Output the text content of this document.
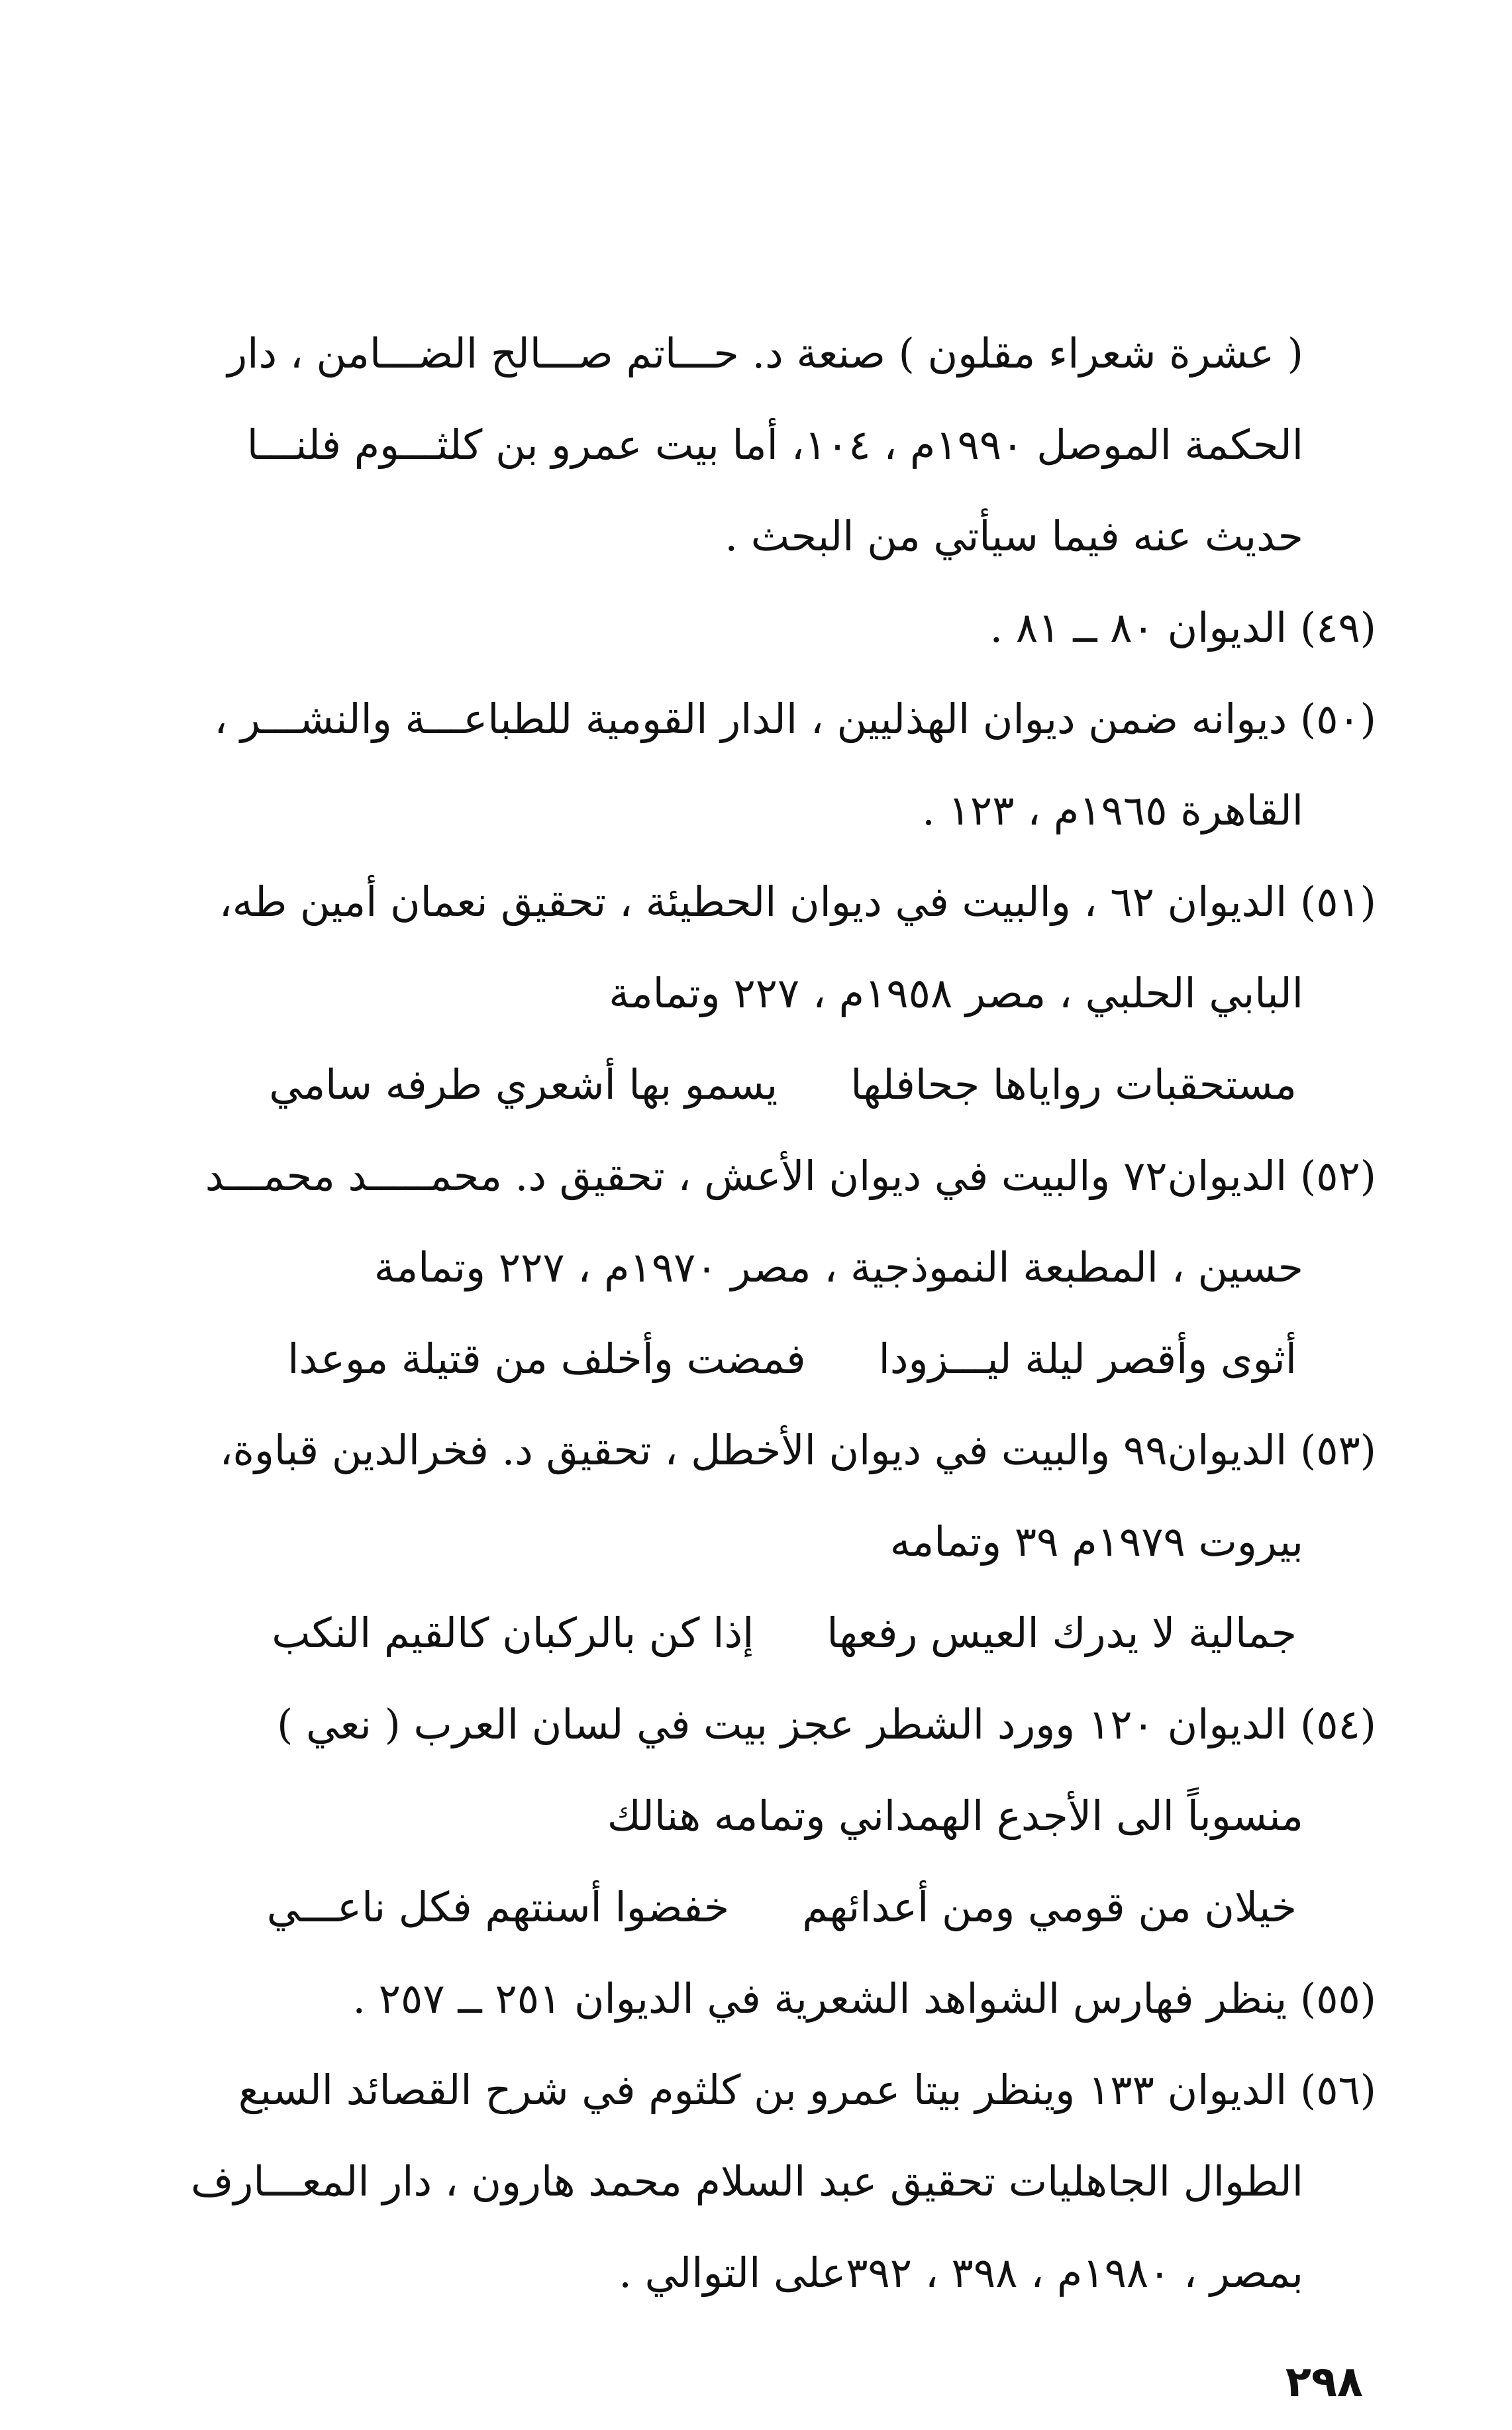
( عشرة شعراء مقلون ) صنعة د. حـــاتم صـــالح الضـــامن ، دار
الحكمة الموصل ١٩٩٠م ، ١٠٤، أما بيت عمرو بن كلثـــوم فلنـــا
حديث عنه فيما سيأتي من البحث .
(٤٩) الديوان ٨٠ ــ ٨١ .
(٥٠) ديوانه ضمن ديوان الهذليين ، الدار القومية للطباعـــة والنشـــر ،
القاهرة ١٩٦٥م ، ١٢٣ .
(٥١) الديوان ٦٢ ، والبيت في ديوان الحطيئة ، تحقيق نعمان أمين طه،
البابي الحلبي ، مصر ١٩٥٨م ، ٢٢٧ وتمامة
مستحقبات رواياها جحافلها
يسمو بها أشعري طرفه سامي
(٥٢) الديوان٧٢ والبيت في ديوان الأعش ، تحقيق د. محمـــــد محمـــد
حسين ، المطبعة النموذجية ، مصر ١٩٧٠م ، ٢٢٧ وتمامة
أثوى وأقصر ليلة ليـــزودا
فمضت وأخلف من قتيلة موعدا
(٥٣) الديوان٩٩ والبيت في ديوان الأخطل ، تحقيق د. فخرالدين قباوة،
بيروت ١٩٧٩م ٣٩ وتمامه
جمالية لا يدرك العيس رفعها
إذا كن بالركبان كالقيم النكب
(٥٤) الديوان ١٢٠ وورد الشطر عجز بيت في لسان العرب ( نعي )
منسوباً الى الأجدع الهمداني وتمامه هنالك
خيلان من قومي ومن أعدائهم
خفضوا أسنتهم فكل ناعـــي
(٥٥) ينظر فهارس الشواهد الشعرية في الديوان ٢٥١ ــ ٢٥٧ .
(٥٦) الديوان ١٣٣ وينظر بيتا عمرو بن كلثوم في شرح القصائد السبع
الطوال الجاهليات تحقيق عبد السلام محمد هارون ، دار المعـــارف
بمصر ، ١٩٨٠م ، ٣٩٨ ، ٣٩٢على التوالي .
٢٩٨
